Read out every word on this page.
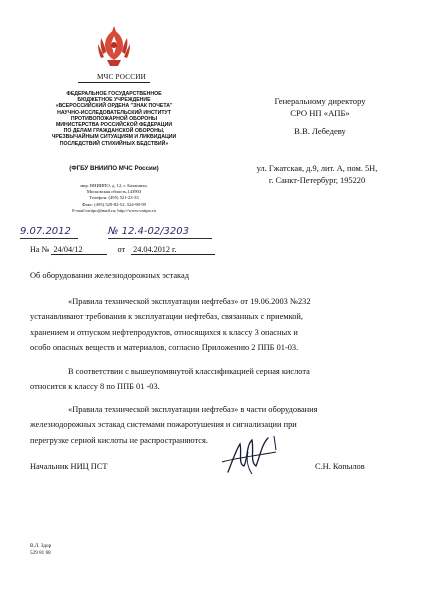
МЧС РОССИИ
ФЕДЕРАЛЬНОЕ ГОСУДАРСТВЕННОЕ
БЮДЖЕТНОЕ УЧРЕЖДЕНИЕ
«ВСЕРОССИЙСКИЙ ОРДЕНА "ЗНАК ПОЧЕТА"
НАУЧНО-ИССЛЕДОВАТЕЛЬСКИЙ ИНСТИТУТ
ПРОТИВОПОЖАРНОЙ ОБОРОНЫ
МИНИСТЕРСТВА РОССИЙСКОЙ ФЕДЕРАЦИИ
ПО ДЕЛАМ ГРАЖДАНСКОЙ ОБОРОНЫ,
ЧРЕЗВЫЧАЙНЫМ СИТУАЦИЯМ И ЛИКВИДАЦИИ
ПОСЛЕДСТВИЙ СТИХИЙНЫХ БЕДСТВИЙ»
(ФГБУ ВНИИПО МЧС России)
мкр. ВНИИПО, д. 12, г. Балашиха,
Московская область,143903
Телефон: (495) 521-23-33
Факс: (495) 529-82-52, 524-98-99
E-mail:vniipo@mail.ru; http://www.vniipo.ru
9.07.2012	№ 12.4-02/3203
На № 24/04/12	от 24.04.2012 г.
Генеральному директору
СРО НП «АПБ»
В.В. Лебедеву
ул. Гжатская, д.9, лит. А, пом. 5Н,
г. Санкт-Петербург, 195220
Об оборудовании железнодорожных эстакад
«Правила технической эксплуатации нефтебаз» от 19.06.2003 №232
устанавливают требования к эксплуатации нефтебаз, связанных с приемкой,
хранением и отпуском нефтепродуктов, относящихся к классу 3 опасных и
особо опасных веществ и материалов, согласно Приложению 2 ППБ 01-03.
В соответствии с вышеупомянутой классификацией серная кислота
относится к классу 8 по ППБ 01 -03.
«Правила технической эксплуатации нефтебаз» в части оборудования
железнодорожных эстакад системами пожаротушения и сигнализации при
перегрузке серной кислоты не распространяются.
Начальник НИЦ ПСТ	С.Н. Копылов
В.Л. Здор
529 81 68
